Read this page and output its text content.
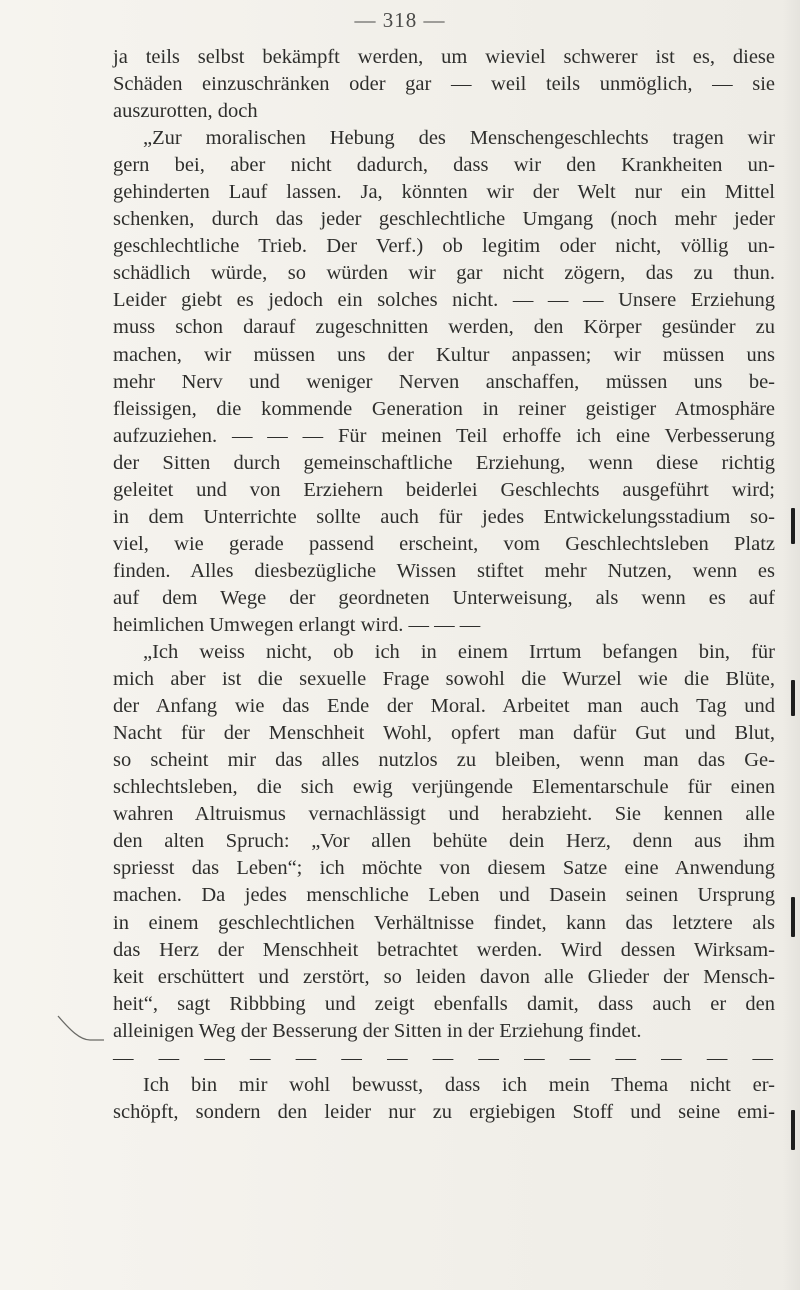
— 318 —
ja teils selbst bekämpft werden, um wieviel schwerer ist es, diese
Schäden einzuschränken oder gar — weil teils unmöglich, — sie
auszurotten, doch
„Zur moralischen Hebung des Menschengeschlechts tragen wir
gern bei, aber nicht dadurch, dass wir den Krankheiten un-
gehinderten Lauf lassen. Ja, könnten wir der Welt nur ein Mittel
schenken, durch das jeder geschlechtliche Umgang (noch mehr jeder
geschlechtliche Trieb. Der Verf.) ob legitim oder nicht, völlig un-
schädlich würde, so würden wir gar nicht zögern, das zu thun.
Leider giebt es jedoch ein solches nicht. — — — Unsere Erziehung
muss schon darauf zugeschnitten werden, den Körper gesünder zu
machen, wir müssen uns der Kultur anpassen; wir müssen uns
mehr Nerv und weniger Nerven anschaffen, müssen uns be-
fleissigen, die kommende Generation in reiner geistiger Atmosphäre
aufzuziehen. — — — Für meinen Teil erhoffe ich eine Verbesserung
der Sitten durch gemeinschaftliche Erziehung, wenn diese richtig
geleitet und von Erziehern beiderlei Geschlechts ausgeführt wird;
in dem Unterrichte sollte auch für jedes Entwickelungsstadium so-
viel, wie gerade passend erscheint, vom Geschlechtsleben Platz
finden. Alles diesbezügliche Wissen stiftet mehr Nutzen, wenn es
auf dem Wege der geordneten Unterweisung, als wenn es auf
heimlichen Umwegen erlangt wird. — — —
„Ich weiss nicht, ob ich in einem Irrtum befangen bin, für
mich aber ist die sexuelle Frage sowohl die Wurzel wie die Blüte,
der Anfang wie das Ende der Moral. Arbeitet man auch Tag und
Nacht für der Menschheit Wohl, opfert man dafür Gut und Blut,
so scheint mir das alles nutzlos zu bleiben, wenn man das Ge-
schlechtsleben, die sich ewig verjüngende Elementarschule für einen
wahren Altruismus vernachlässigt und herabzieht. Sie kennen alle
den alten Spruch: „Vor allen behüte dein Herz, denn aus ihm
spriesst das Leben“; ich möchte von diesem Satze eine Anwendung
machen. Da jedes menschliche Leben und Dasein seinen Ursprung
in einem geschlechtlichen Verhältnisse findet, kann das letztere als
das Herz der Menschheit betrachtet werden. Wird dessen Wirksam-
keit erschüttert und zerstört, so leiden davon alle Glieder der Mensch-
heit“, sagt Ribbbing und zeigt ebenfalls damit, dass auch er den
alleinigen Weg der Besserung der Sitten in der Erziehung findet.
— — — — — — — — — — — — — — —
Ich bin mir wohl bewusst, dass ich mein Thema nicht er-
schöpft, sondern den leider nur zu ergiebigen Stoff und seine emi-
